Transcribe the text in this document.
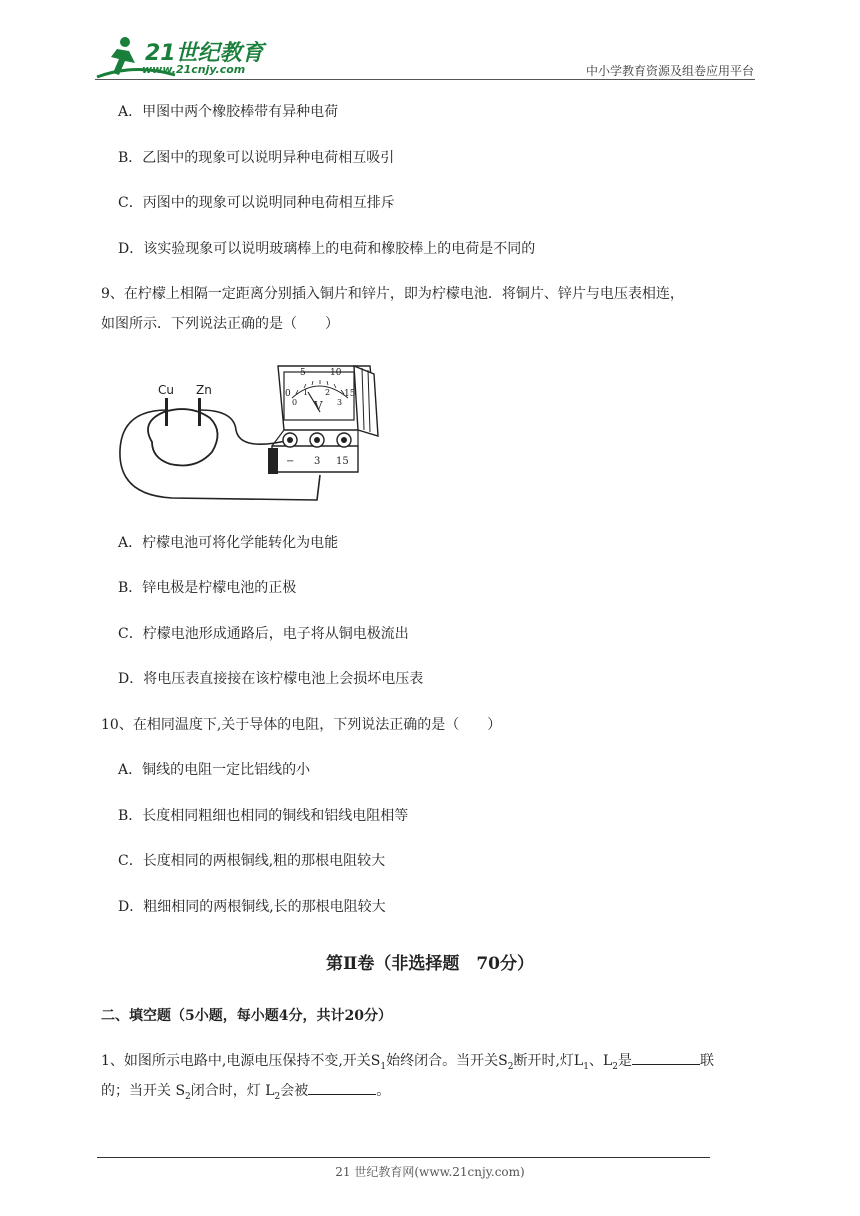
21世纪教育
www.21cnjy.com	中小学教育资源及组卷应用平台
A．甲图中两个橡胶棒带有异种电荷
B．乙图中的现象可以说明异种电荷相互吸引
C．丙图中的现象可以说明同种电荷相互排斥
D．该实验现象可以说明玻璃棒上的电荷和橡胶棒上的电荷是不同的
9、在柠檬上相隔一定距离分别插入铜片和锌片，即为柠檬电池．将铜片、锌片与电压表相连，
如图所示．下列说法正确的是（　　）
Cu Zn
5	10
0	15
0
1 2
3
V
− 3 15
A．柠檬电池可将化学能转化为电能
B．锌电极是柠檬电池的正极
C．柠檬电池形成通路后，电子将从铜电极流出
D．将电压表直接接在该柠檬电池上会损坏电压表
10、在相同温度下,关于导体的电阻，下列说法正确的是（　　）
A．铜线的电阻一定比铝线的小
B．长度相同粗细也相同的铜线和铝线电阻相等
C．长度相同的两根铜线,粗的那根电阻较大
D．粗细相同的两根铜线,长的那根电阻较大
第Ⅱ卷（非选择题　70分）
二、填空题（5小题，每小题4分，共计20分）
1、如图所示电路中,电源电压保持不变,开关$S_1$始终闭合。当开关$S_2$断开时,灯$L_1$、$L_2$是	联
的；当开关 $S_2$闭合时，灯 $L_2$会被	。
21 世纪教育网(www.21cnjy.com)
